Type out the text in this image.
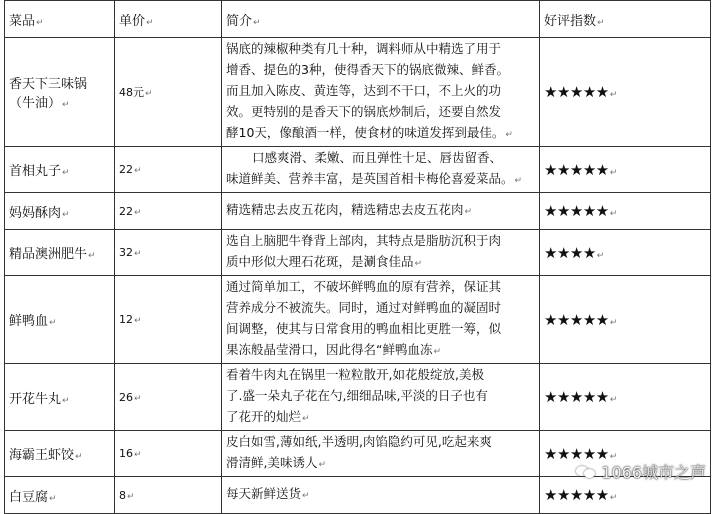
菜品↵	单价↵	简介↵	好评指数↵
香天下三味锅（牛油）↵	48元↵	锅底的辣椒种类有几十种，调料师从中精选了用于
增香、提色的3种，使得香天下的锅底微辣、鲜香。
而且加入陈皮、黄连等，达到不干口，不上火的功
效。更特别的是香天下的锅底炒制后，还要自然发
酵10天，像酿酒一样，使食材的味道发挥到最佳。↵	★★★★★↵
首相丸子↵	22↵	口感爽滑、柔嫩、而且弹性十足、唇齿留香、
味道鲜美、营养丰富，是英国首相卡梅伦喜爱菜品。↵	★★★★★↵
妈妈酥肉↵	22↵	精选精忠去皮五花肉，精选精忠去皮五花肉↵	★★★★★↵
精品澳洲肥牛↵	32↵	选自上脑肥牛脊背上部肉，其特点是脂肪沉积于肉
质中形似大理石花斑，是涮食佳品↵	★★★★↵
鲜鸭血↵	12↵	通过简单加工，不破坏鲜鸭血的原有营养，保证其
营养成分不被流失。同时，通过对鲜鸭血的凝固时
间调整，使其与日常食用的鸭血相比更胜一筹，似
果冻般晶莹滑口，因此得名“鲜鸭血冻↵	★★★★★↵
开花牛丸↵	26↵	看着牛肉丸在锅里一粒粒散开,如花般绽放,美极
了.盛一朵丸子花在勺,细细品味,平淡的日子也有
了花开的灿烂↵	★★★★★↵
海霸王虾饺↵	16↵	皮白如雪,薄如纸,半透明,肉馅隐约可见,吃起来爽
滑清鲜,美味诱人↵	★★★★★↵
白豆腐↵	8↵	每天新鲜送货↵	★★★★★↵
1066城市之声
